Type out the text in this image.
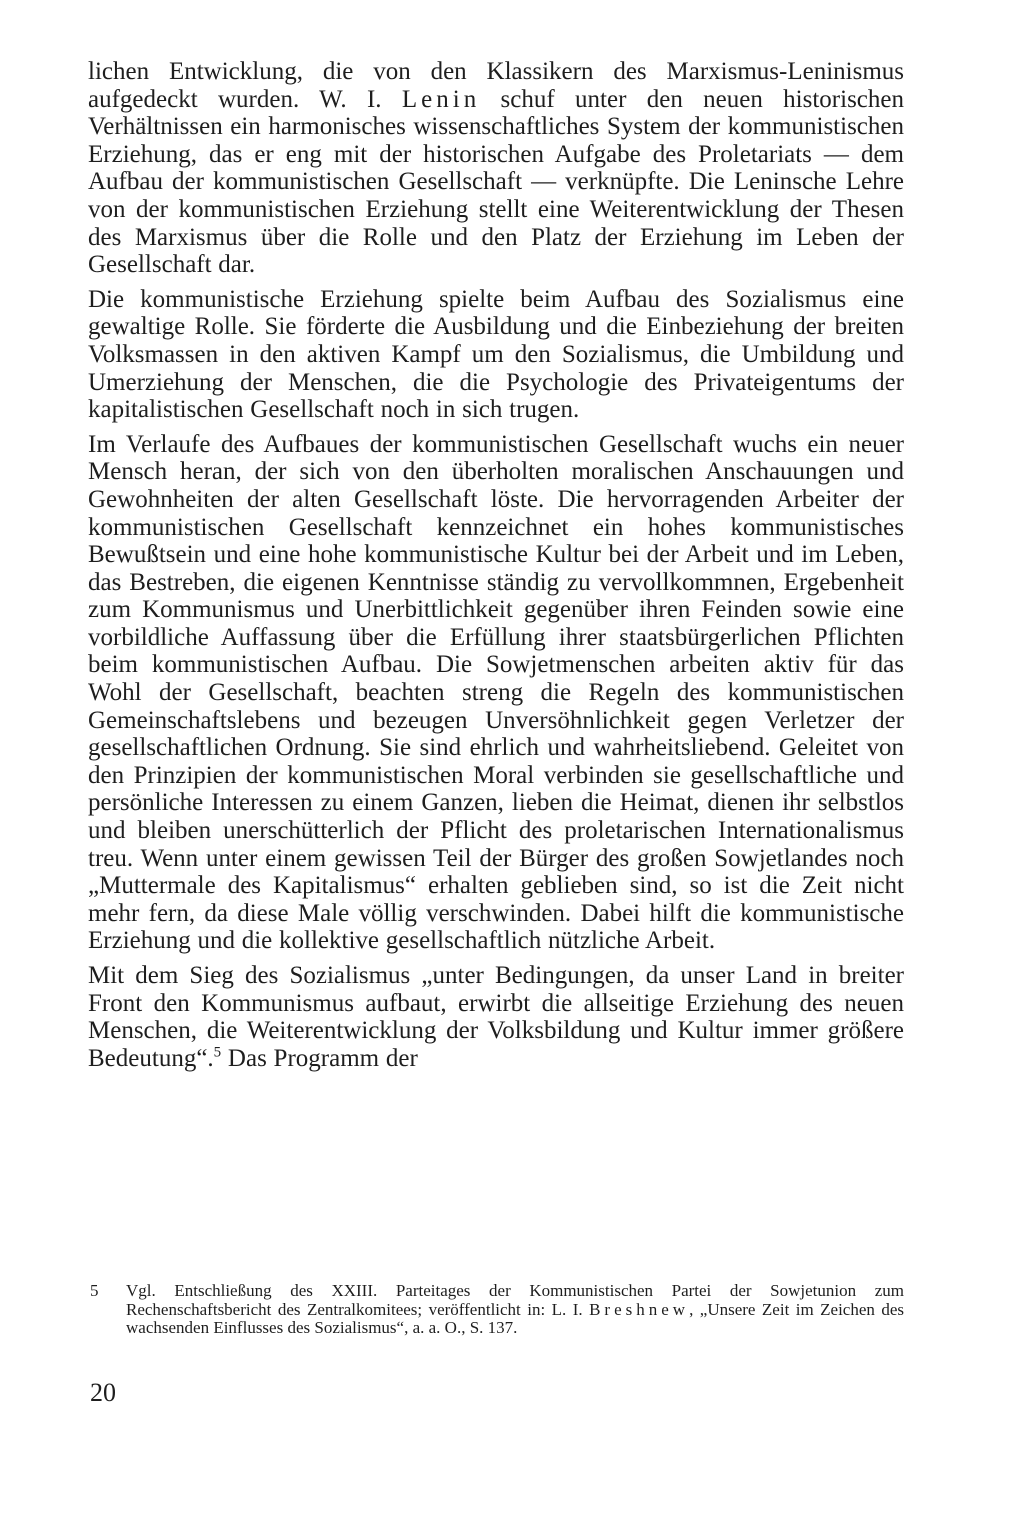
lichen Entwicklung, die von den Klassikern des Marxismus-Leninismus aufgedeckt wurden. W. I. Lenin schuf unter den neuen historischen Verhältnissen ein harmonisches wissenschaftliches System der kommunistischen Erziehung, das er eng mit der historischen Aufgabe des Proletariats — dem Aufbau der kommunistischen Gesellschaft — verknüpfte. Die Leninsche Lehre von der kommunistischen Erziehung stellt eine Weiterentwicklung der Thesen des Marxismus über die Rolle und den Platz der Erziehung im Leben der Gesellschaft dar.

Die kommunistische Erziehung spielte beim Aufbau des Sozialismus eine gewaltige Rolle. Sie förderte die Ausbildung und die Einbeziehung der breiten Volksmassen in den aktiven Kampf um den Sozialismus, die Umbildung und Umerziehung der Menschen, die die Psychologie des Privateigentums der kapitalistischen Gesellschaft noch in sich trugen.

Im Verlaufe des Aufbaues der kommunistischen Gesellschaft wuchs ein neuer Mensch heran, der sich von den überholten moralischen Anschauungen und Gewohnheiten der alten Gesellschaft löste. Die hervorragenden Arbeiter der kommunistischen Gesellschaft kennzeichnet ein hohes kommunistisches Bewußtsein und eine hohe kommunistische Kultur bei der Arbeit und im Leben, das Bestreben, die eigenen Kenntnisse ständig zu vervollkommnen, Ergebenheit zum Kommunismus und Unerbittlichkeit gegenüber ihren Feinden sowie eine vorbildliche Auffassung über die Erfüllung ihrer staatsbürgerlichen Pflichten beim kommunistischen Aufbau. Die Sowjetmenschen arbeiten aktiv für das Wohl der Gesellschaft, beachten streng die Regeln des kommunistischen Gemeinschaftslebens und bezeugen Unversöhnlichkeit gegen Verletzer der gesellschaftlichen Ordnung. Sie sind ehrlich und wahrheitsliebend. Geleitet von den Prinzipien der kommunistischen Moral verbinden sie gesellschaftliche und persönliche Interessen zu einem Ganzen, lieben die Heimat, dienen ihr selbstlos und bleiben unerschütterlich der Pflicht des proletarischen Internationalismus treu. Wenn unter einem gewissen Teil der Bürger des großen Sowjetlandes noch „Muttermale des Kapitalismus“ erhalten geblieben sind, so ist die Zeit nicht mehr fern, da diese Male völlig verschwinden. Dabei hilft die kommunistische Erziehung und die kollektive gesellschaftlich nützliche Arbeit.

Mit dem Sieg des Sozialismus „unter Bedingungen, da unser Land in breiter Front den Kommunismus aufbaut, erwirbt die allseitige Erziehung des neuen Menschen, die Weiterentwicklung der Volksbildung und Kultur immer größere Bedeutung“.$^5$ Das Programm der

5 Vgl. Entschließung des XXIII. Parteitages der Kommunistischen Partei der Sowjetunion zum Rechenschaftsbericht des Zentralkomitees; veröffentlicht in: L. I. Breshnew, „Unsere Zeit im Zeichen des wachsenden Einflusses des Sozialismus“, a. a. O., S. 137.

20
